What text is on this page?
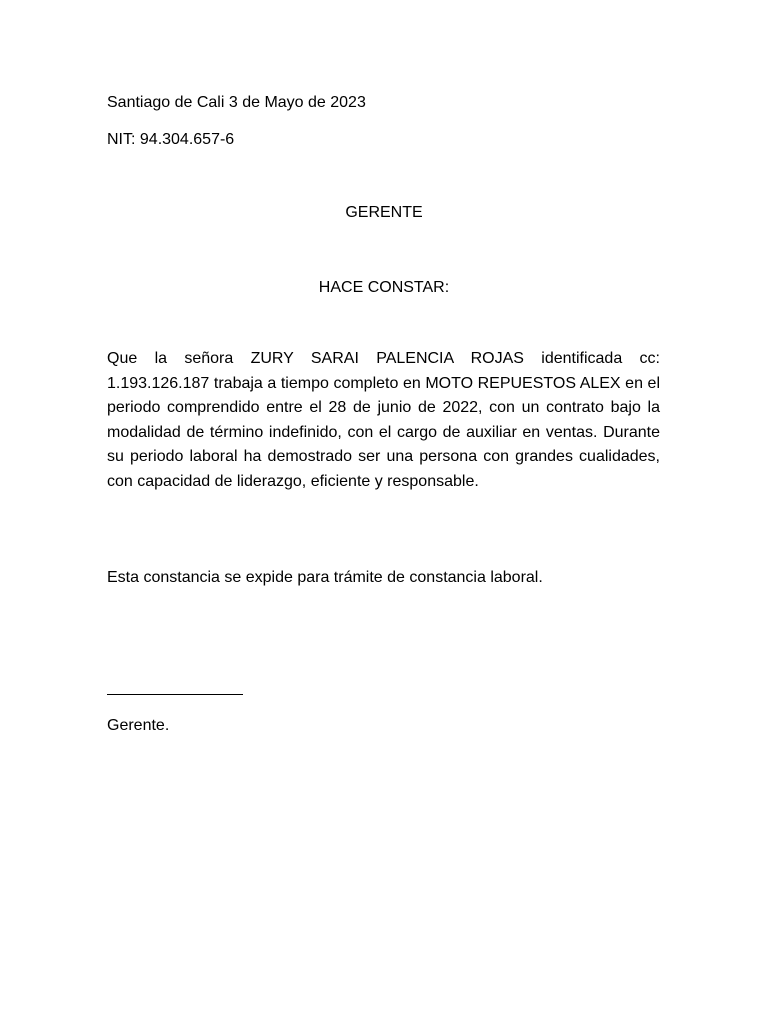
Santiago de Cali 3 de Mayo de 2023
NIT: 94.304.657-6
GERENTE
HACE CONSTAR:
Que la señora ZURY SARAI PALENCIA ROJAS identificada cc: 1.193.126.187 trabaja a tiempo completo en MOTO REPUESTOS ALEX en el periodo comprendido entre el 28 de junio de 2022, con un contrato bajo la modalidad de término indefinido, con el cargo de auxiliar en ventas. Durante su periodo laboral ha demostrado ser una persona con grandes cualidades, con capacidad de liderazgo, eficiente y responsable.
Esta constancia se expide para trámite de constancia laboral.
Gerente.
